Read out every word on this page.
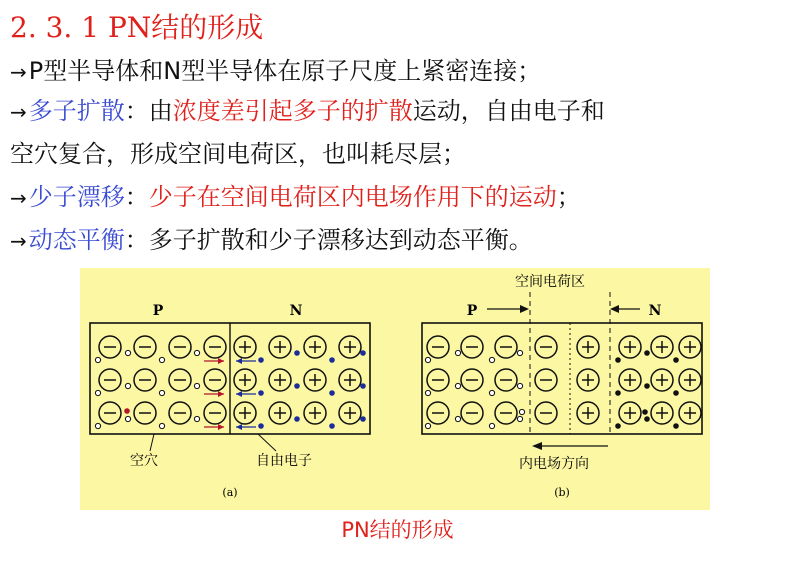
2. 3. 1 PN结的形成
→P型半导体和N型半导体在原子尺度上紧密连接；
→多子扩散：由浓度差引起多子的扩散运动，自由电子和
空穴复合，形成空间电荷区，也叫耗尽层；
→少子漂移：少子在空间电荷区内电场作用下的运动；
→动态平衡：多子扩散和少子漂移达到动态平衡。
P	N
空穴	自由电子
(a)
空间电荷区
P	N
内电场方向
(b)
PN结的形成
